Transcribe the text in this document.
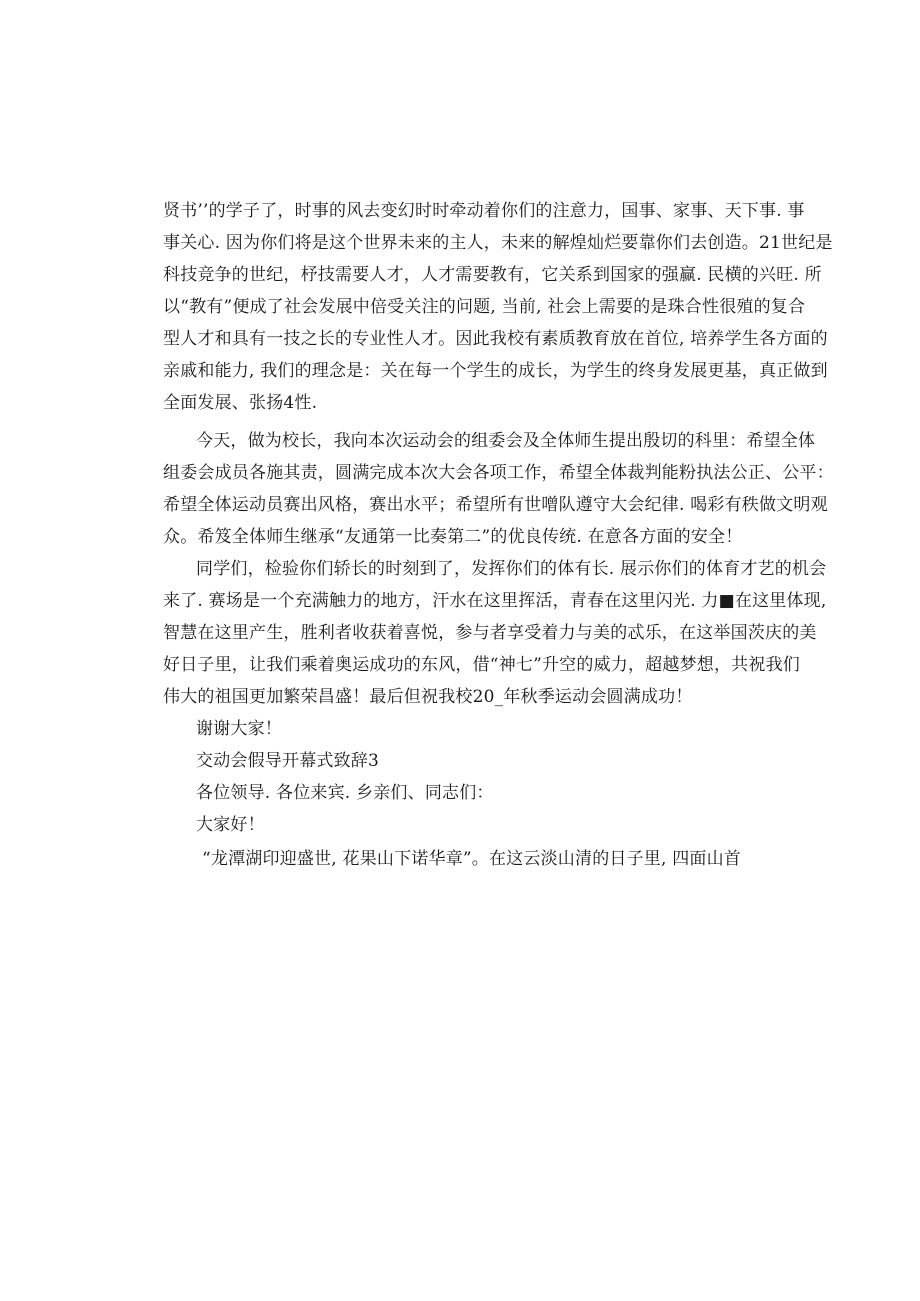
贤书’’的学子了，时事的风去变幻时时牵动着你们的注意力，国事、家事、天下事. 事
事关心. 因为你们将是这个世界未来的主人，未来的解煌灿烂要靠你们去创造。21世纪是
科技竞争的世纪，杼技需要人才，人才需要教有，它关系到国家的强赢. 民横的兴旺. 所
以“教有”便成了社会发展中倍受关注的问题, 当前, 社会上需要的是珠合性很殖的复合
型人才和具有一技之长的专业性人才。因此我校有素质教育放在首位, 培养学生各方面的
亲戚和能力, 我们的理念是：关在每一个学生的成长，为学生的终身发展更基，真正做到
全面发展、张扬4性.
今天，做为校长，我向本次运动会的组委会及全体师生提出殷切的科里：希望全体
组委会成员各施其责，圆满完成本次大会各项工作，希望全体裁判能粉执法公正、公平：
希望全体运动员赛出风格，赛出水平；希望所有世噌队遵守大会纪律. 喝彩有秩做文明观
众。希笈全体师生继承“友通第一比奏第二”的优良传统. 在意各方面的安全！
同学们，检验你们轿长的时刻到了，发挥你们的体有长. 展示你们的体育才艺的机会
来了. 赛场是一个充满触力的地方，汗水在这里挥活，青春在这里闪光. 力■在这里体现,
智慧在这里产生，胜利者收获着喜悦，参与者享受着力与美的忒乐，在这举国茨庆的美
好日子里，让我们乘着奥运成功的东风，借“神七”升空的威力，超越梦想，共祝我们
伟大的祖国更加繁荣昌盛！最后但祝我校20_年秋季运动会圆满成功！
谢谢大家！
交动会假导开幕式致辞3
各位领导. 各位来宾. 乡亲们、同志们：
大家好！
“龙潭湖印迎盛世, 花果山下诺华章”。在这云淡山清的日子里, 四面山首
